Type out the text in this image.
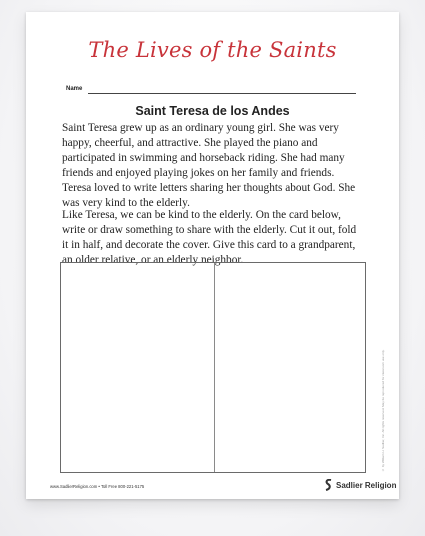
The Lives of the Saints
Name
Saint Teresa de los Andes
Saint Teresa grew up as an ordinary young girl. She was very happy, cheerful, and attractive. She played the piano and participated in swimming and horseback riding. She had many friends and enjoyed playing jokes on her family and friends. Teresa loved to write letters sharing her thoughts about God. She was very kind to the elderly.
Like Teresa, we can be kind to the elderly. On the card below, write or draw something to share with the elderly. Cut it out, fold it in half, and decorate the cover. Give this card to a grandparent, an older relative, or an elderly neighbor.
© by William H. Sadlier, Inc. All rights reserved. May be reproduced for classroom use only.
www.SadlierReligion.com • Toll Free 800-221-5175	Sadlier Religion
